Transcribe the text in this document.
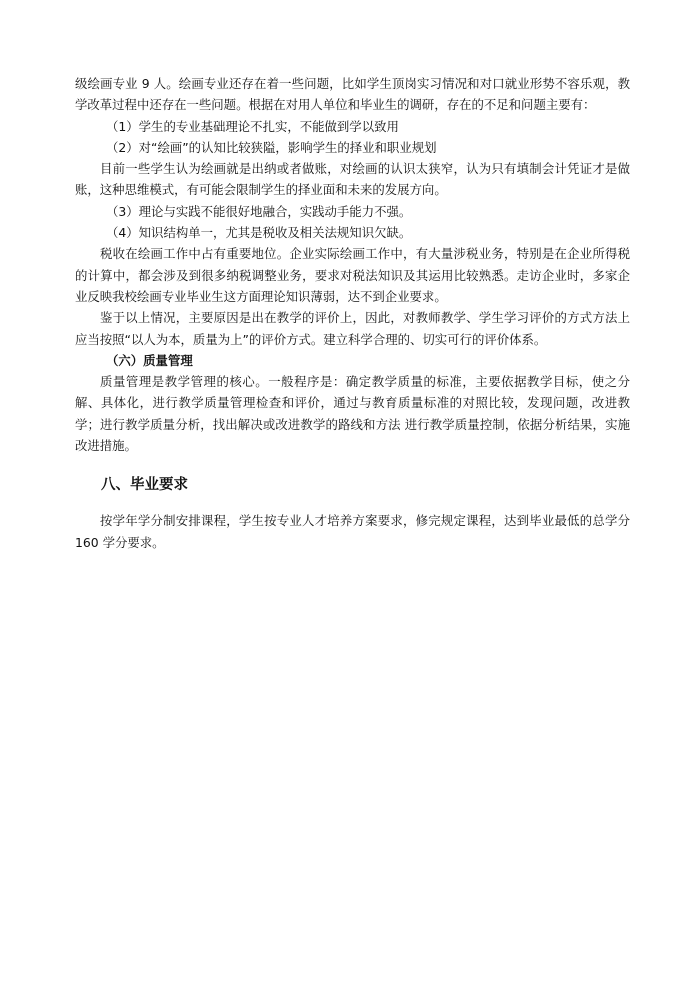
级绘画专业 9 人。绘画专业还存在着一些问题，比如学生顶岗实习情况和对口就业形势不容乐观，教学改革过程中还存在一些问题。根据在对用人单位和毕业生的调研，存在的不足和问题主要有：

（1）学生的专业基础理论不扎实，不能做到学以致用

（2）对“绘画”的认知比较狭隘，影响学生的择业和职业规划

目前一些学生认为绘画就是出纳或者做账，对绘画的认识太狭窄，认为只有填制会计凭证才是做账，这种思维模式，有可能会限制学生的择业面和未来的发展方向。

（3）理论与实践不能很好地融合，实践动手能力不强。

（4）知识结构单一，尤其是税收及相关法规知识欠缺。

税收在绘画工作中占有重要地位。企业实际绘画工作中，有大量涉税业务，特别是在企业所得税的计算中，都会涉及到很多纳税调整业务，要求对税法知识及其运用比较熟悉。走访企业时，多家企业反映我校绘画专业毕业生这方面理论知识薄弱，达不到企业要求。

鉴于以上情况，主要原因是出在教学的评价上，因此，对教师教学、学生学习评价的方式方法上应当按照“以人为本，质量为上”的评价方式。建立科学合理的、切实可行的评价体系。

（六）质量管理

质量管理是教学管理的核心。一般程序是：确定教学质量的标准，主要依据教学目标，使之分解、具体化，进行教学质量管理检查和评价，通过与教育质量标准的对照比较，发现问题，改进教学；进行教学质量分析，找出解决或改进教学的路线和方法 进行教学质量控制，依据分析结果，实施改进措施。

八、毕业要求

按学年学分制安排课程，学生按专业人才培养方案要求，修完规定课程，达到毕业最低的总学分 160 学分要求。
